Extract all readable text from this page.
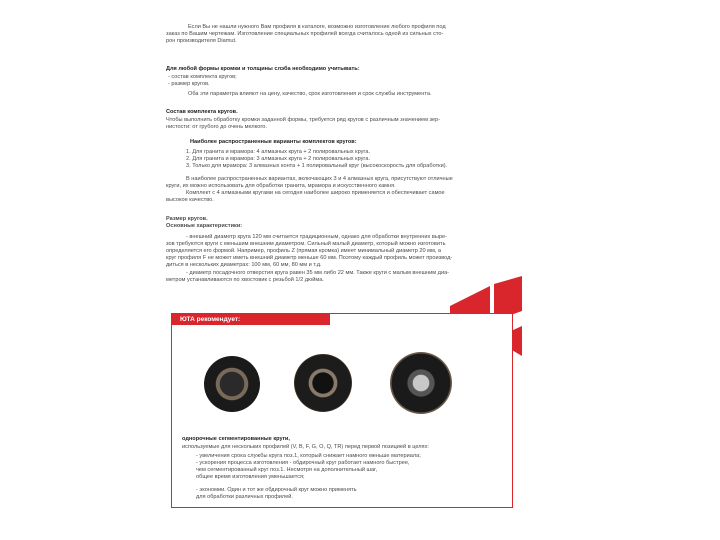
Если Вы не нашли нужного Вам профиля в каталоге, возможно изготовление любого профиля под
заказ по Вашим чертежам. Изготовление специальных профилей всегда считалось одной из сильных сто-
рон производителя Diamut.
Для любой формы кромки и толщины слэба необходимо учитывать:
- состав комплекта кругов;
- размер кругов.
Оба эти параметра влияют на цену, качество, срок изготовления и срок службы инструмента.
Состав комплекта кругов.
Чтобы выполнить обработку кромки заданной формы, требуется ряд кругов с различным значением зер-
нистости: от грубого до очень мелкого.
Наиболее распространенные варианты комплектов кругов:
1. Для гранита и мрамора: 4 алмазных круга + 2 полировальных круга.
2. Для гранита и мрамора: 3 алмазных круга + 2 полировальных круга.
3. Только для мрамора: 3 алмазных конта + 1 полировальный круг (высокоскорость для обработки).
В наиболее распространенных вариантах, включающих 3 и 4 алмазных круга, присутствуют отличные
круги, их можно использовать для обработки гранита, мрамора и искусственного камня.
Комплект с 4 алмазными кругами на сегодня наиболее широко применяется и обеспечивает самое
высокое качество.
Размер кругов.
Основные характеристики:
- внешний диаметр круга 120 мм считается традиционным, однако для обработки внутренних выре-
зов требуются круги с меньшим внешним диаметром. Сильный малый диаметр, который можно изготовить
определяется его формой. Например, профиль Z (прямая кромка) имеет минимальный диаметр 20 мм, а
круг профиля F не может иметь внешний диаметр меньше 60 мм. Поэтому каждый профиль может производ-
диться в нескольких диаметрах: 100 мм, 60 мм, 80 мм и т.д.
- диаметр посадочного отверстия круга равен 35 мм либо 22 мм. Также круги с малым внешним диа-
метром устанавливаются по хвостовик с резьбой 1/2 дюйма.
ЮТА рекомендует:
однорочные сегментированные круги,
используемые для нескольких профилей (V, B, F, G, O, Q, TR) перед первой позицией в целях:
- увеличения срока службы круга поз.1, который снижает намного меньше материала;
- ускорения процесса изготовления - обдирочный круг работает намного быстрее,
чем сегментированный круг поз.1. Несмотря на дополнительный шаг,
общее время изготовления уменьшается;
- экономии. Один и тот же обдирочный круг можно применять
для обработки различных профилей.
